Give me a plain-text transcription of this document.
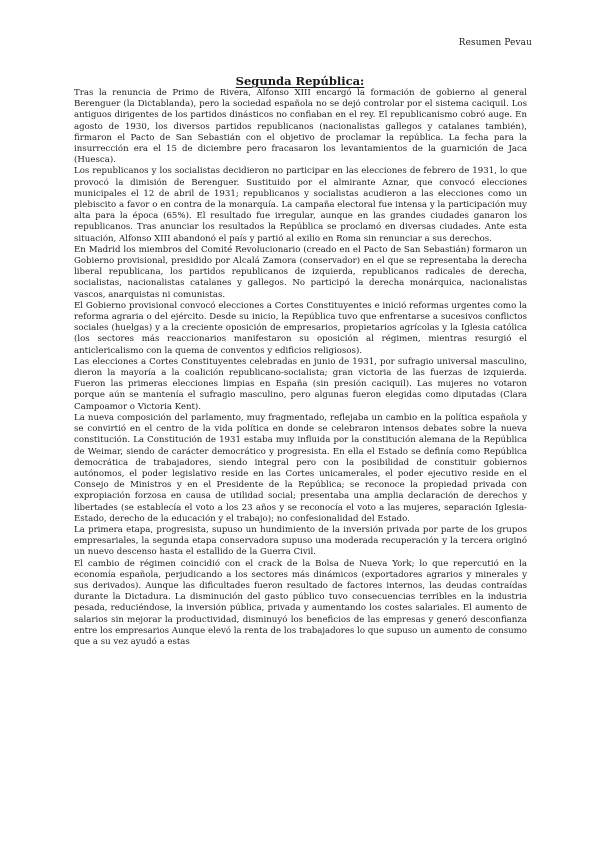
Resumen Pevau
Segunda República:

Tras la renuncia de Primo de Rivera, Alfonso XIII encargó la formación de gobierno al general Berenguer (la Dictablanda), pero la sociedad española no se dejó controlar por el sistema caciquil. Los antiguos dirigentes de los partidos dinásticos no confiaban en el rey. El republicanismo cobró auge. En agosto de 1930, los diversos partidos republicanos (nacionalistas gallegos y catalanes también), firmaron el Pacto de San Sebastián con el objetivo de proclamar la república. La fecha para la insurrección era el 15 de diciembre pero fracasaron los levantamientos de la guarnición de Jaca (Huesca).

Los republicanos y los socialistas decidieron no participar en las elecciones de febrero de 1931, lo que provocó la dimisión de Berenguer. Sustituido por el almirante Aznar, que convocó elecciones municipales el 12 de abril de 1931; republicanos y socialistas acudieron a las elecciones como un plebiscito a favor o en contra de la monarquía. La campaña electoral fue intensa y la participación muy alta para la época (65%). El resultado fue irregular, aunque en las grandes ciudades ganaron los republicanos. Tras anunciar los resultados la República se proclamó en diversas ciudades. Ante esta situación, Alfonso XIII abandonó el país y partió al exilio en Roma sin renunciar a sus derechos.

En Madrid los miembros del Comité Revolucionario (creado en el Pacto de San Sebastián) formaron un Gobierno provisional, presidido por Alcalá Zamora (conservador) en el que se representaba la derecha liberal republicana, los partidos republicanos de izquierda, republicanos radicales de derecha, socialistas, nacionalistas catalanes y gallegos. No participó la derecha monárquica, nacionalistas vascos, anarquistas ni comunistas.

El Gobierno provisional convocó elecciones a Cortes Constituyentes e inició reformas urgentes como la reforma agraria o del ejército. Desde su inicio, la República tuvo que enfrentarse a sucesivos conflictos sociales (huelgas) y a la creciente oposición de empresarios, propietarios agrícolas y la Iglesia católica (los sectores más reaccionarios manifestaron su oposición al régimen, mientras resurgió el anticlericalismo con la quema de conventos y edificios religiosos).

Las elecciones a Cortes Constituyentes celebradas en junio de 1931, por sufragio universal masculino, dieron la mayoría a la coalición republicano-socialista; gran victoria de las fuerzas de izquierda. Fueron las primeras elecciones limpias en España (sin presión caciquil). Las mujeres no votaron porque aún se mantenía el sufragio masculino, pero algunas fueron elegidas como diputadas (Clara Campoamor o Victoria Kent).

La nueva composición del parlamento, muy fragmentado, reflejaba un cambio en la política española y se convirtió en el centro de la vida política en donde se celebraron intensos debates sobre la nueva constitución. La Constitución de 1931 estaba muy influida por la constitución alemana de la República de Weimar, siendo de carácter democrático y progresista. En ella el Estado se definía como República democrática de trabajadores, siendo integral pero con la posibilidad de constituir gobiernos autónomos, el poder legislativo reside en las Cortes unicamerales, el poder ejecutivo reside en el Consejo de Ministros y en el Presidente de la República; se reconoce la propiedad privada con expropiación forzosa en causa de utilidad social; presentaba una amplia declaración de derechos y libertades (se establecía el voto a los 23 años y se reconocía el voto a las mujeres, separación Iglesia-Estado, derecho de la educación y el trabajo); no confesionalidad del Estado.

La primera etapa, progresista, supuso un hundimiento de la inversión privada por parte de los grupos empresariales, la segunda etapa conservadora supuso una moderada recuperación y la tercera originó un nuevo descenso hasta el estallido de la Guerra Civil.

El cambio de régimen coincidió con el crack de la Bolsa de Nueva York; lo que repercutió en la economía española, perjudicando a los sectores más dinámicos (exportadores agrarios y minerales y sus derivados). Aunque las dificultades fueron resultado de factores internos, las deudas contraídas durante la Dictadura. La disminución del gasto público tuvo consecuencias terribles en la industria pesada, reduciéndose, la inversión pública, privada y aumentando los costes salariales. El aumento de salarios sin mejorar la productividad, disminuyó los beneficios de las empresas y generó desconfianza entre los empresarios Aunque elevó la renta de los trabajadores lo que supuso un aumento de consumo que a su vez ayudó a estas
